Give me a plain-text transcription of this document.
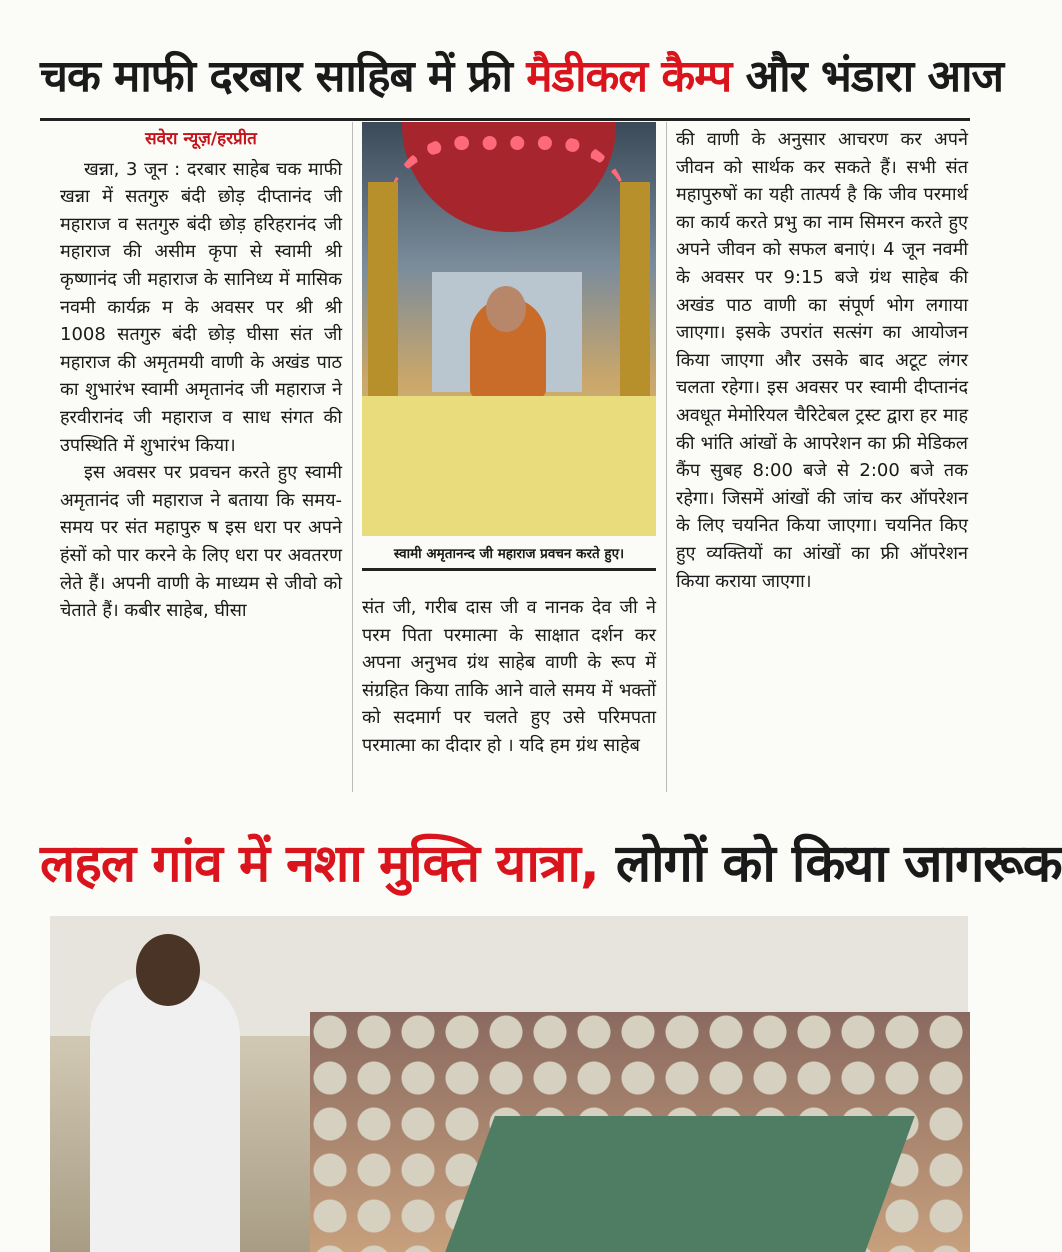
चक माफी दरबार साहिब में फ्री मैडीकल कैम्प और भंडारा आज
सवेरा न्यूज़/हरप्रीत

खन्ना, 3 जून : दरबार साहेब चक माफी खन्ना में सतगुरु बंदी छोड़ दीप्तानंद जी महाराज व सतगुरु बंदी छोड़ हरिहरानंद जी महाराज की असीम कृपा से स्वामी श्री कृष्णानंद जी महाराज के सानिध्य में मासिक नवमी कार्यक्र म के अवसर पर श्री श्री 1008 सतगुरु बंदी छोड़ घीसा संत जी महाराज की अमृतमयी वाणी के अखंड पाठ का शुभारंभ स्वामी अमृतानंद जी महाराज ने हरवीरानंद जी महाराज व साध संगत की उपस्थिति में शुभारंभ किया।

इस अवसर पर प्रवचन करते हुए स्वामी अमृतानंद जी महाराज ने बताया कि समय-समय पर संत महापुरु ष इस धरा पर अपने हंसों को पार करने के लिए धरा पर अवतरण लेते हैं। अपनी वाणी के माध्यम से जीवो को चेताते हैं। कबीर साहेब, घीसा

स्वामी अमृतानन्द जी महाराज प्रवचन करते हुए।

संत जी, गरीब दास जी व नानक देव जी ने परम पिता परमात्मा के साक्षात दर्शन कर अपना अनुभव ग्रंथ साहेब वाणी के रूप में संग्रहित किया ताकि आने वाले समय में भक्तों को सदमार्ग पर चलते हुए उसे परिमपता परमात्मा का दीदार हो । यदि हम ग्रंथ साहेब

की वाणी के अनुसार आचरण कर अपने जीवन को सार्थक कर सकते हैं। सभी संत महापुरुषों का यही तात्पर्य है कि जीव परमार्थ का कार्य करते प्रभु का नाम सिमरन करते हुए अपने जीवन को सफल बनाएं। 4 जून नवमी के अवसर पर 9:15 बजे ग्रंथ साहेब की अखंड पाठ वाणी का संपूर्ण भोग लगाया जाएगा। इसके उपरांत सत्संग का आयोजन किया जाएगा और उसके बाद अटूट लंगर चलता रहेगा। इस अवसर पर स्वामी दीप्तानंद अवधूत मेमोरियल चैरिटेबल ट्रस्ट द्वारा हर माह की भांति आंखों के आपरेशन का फ्री मेडिकल कैंप सुबह 8:00 बजे से 2:00 बजे तक रहेगा। जिसमें आंखों की जांच कर ऑपरेशन के लिए चयनित किया जाएगा। चयनित किए हुए व्यक्तियों का आंखों का फ्री ऑपरेशन किया कराया जाएगा।

लहल गांव में नशा मुक्ति यात्रा, लोगों को किया जागरूक
